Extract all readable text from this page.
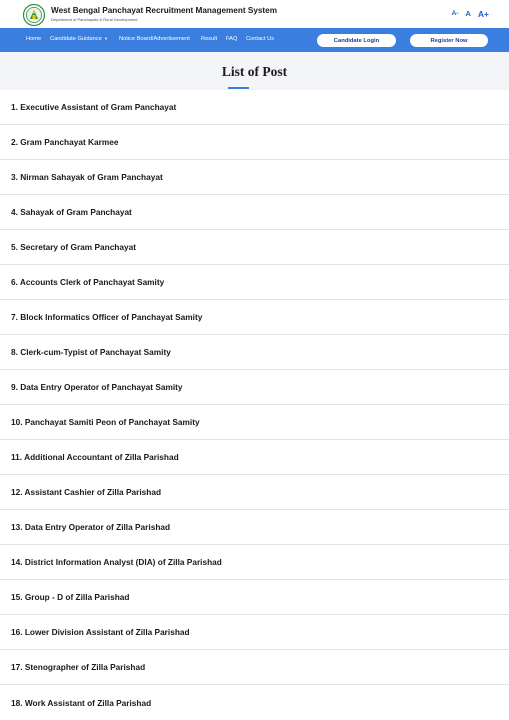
West Bengal Panchayat Recruitment Management System
Department of Panchayats & Rural Development
A- A A+
Home Candidate Guidance ▾ Notice Board/Advertisement Result FAQ Contact Us	Candidate Login	Register Now
List of Post
1. Executive Assistant of Gram Panchayat
2. Gram Panchayat Karmee
3. Nirman Sahayak of Gram Panchayat
4. Sahayak of Gram Panchayat
5. Secretary of Gram Panchayat
6. Accounts Clerk of Panchayat Samity
7. Block Informatics Officer of Panchayat Samity
8. Clerk-cum-Typist of Panchayat Samity
9. Data Entry Operator of Panchayat Samity
10. Panchayat Samiti Peon of Panchayat Samity
11. Additional Accountant of Zilla Parishad
12. Assistant Cashier of Zilla Parishad
13. Data Entry Operator of Zilla Parishad
14. District Information Analyst (DIA) of Zilla Parishad
15. Group - D of Zilla Parishad
16. Lower Division Assistant of Zilla Parishad
17. Stenographer of Zilla Parishad
18. Work Assistant of Zilla Parishad
